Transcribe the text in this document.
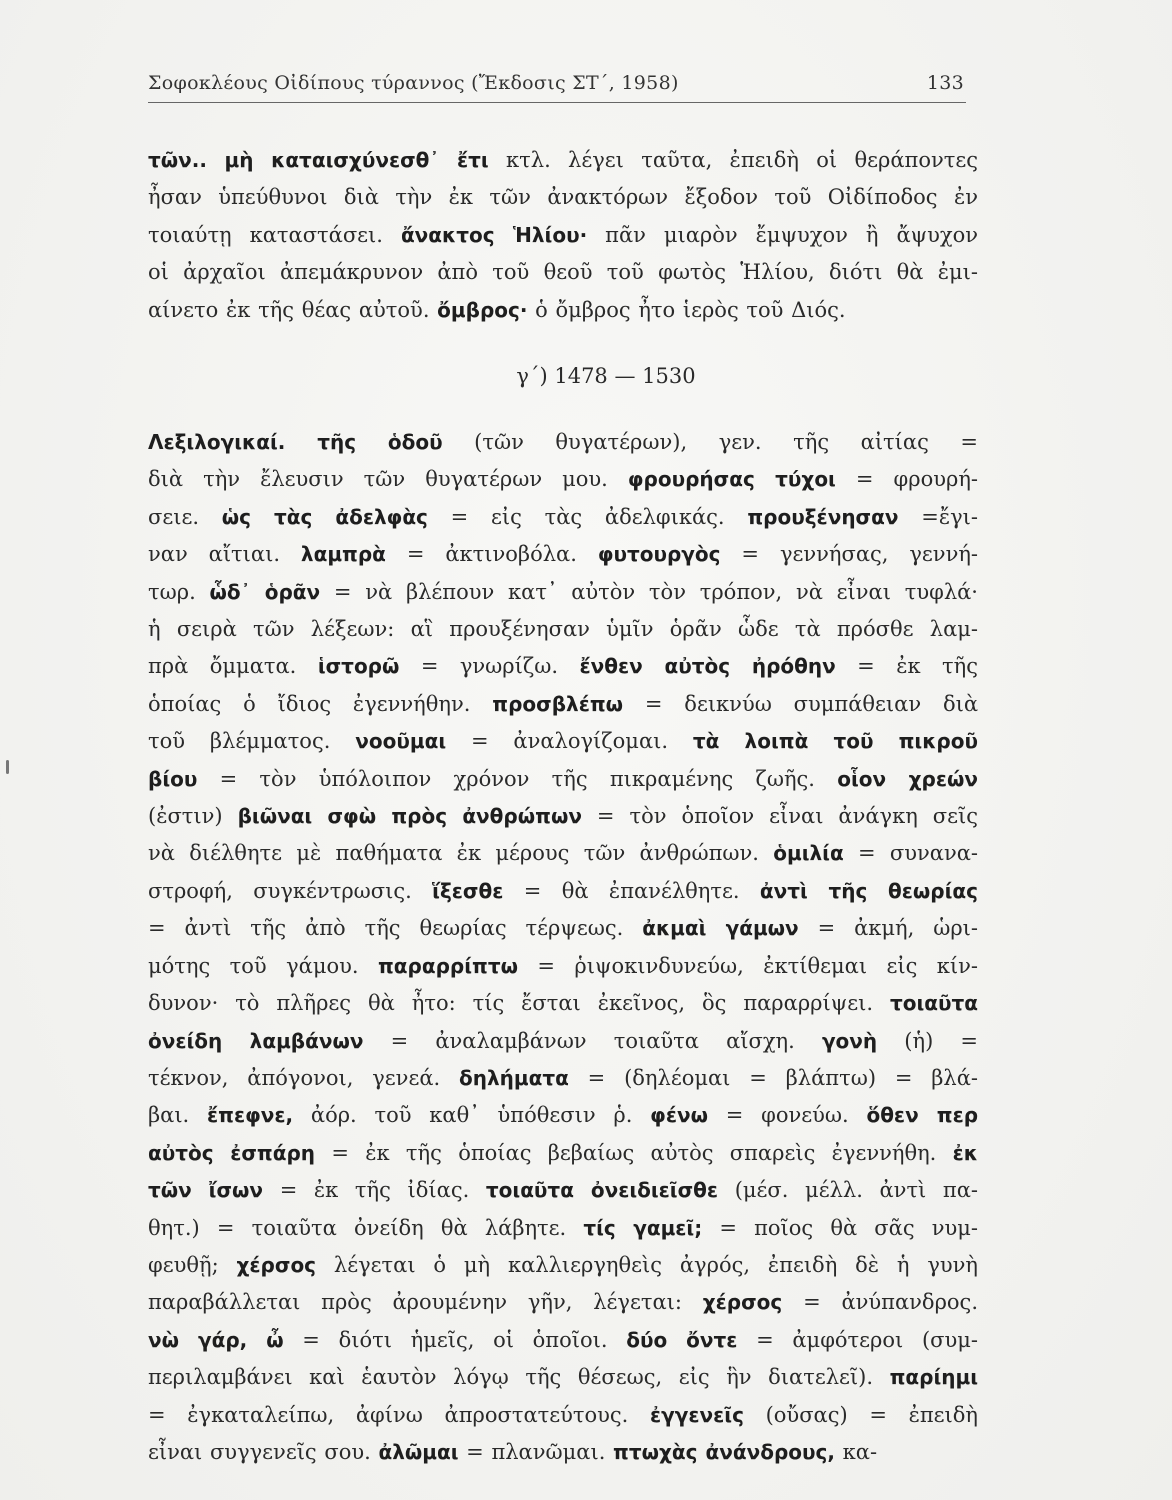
Σοφοκλέους Οἰδίπους τύραννος (Ἔκδοσις ΣΤ΄, 1958)	133
τῶν.. μὴ καταισχύνεσθ᾽ ἔτι κτλ. λέγει ταῦτα, ἐπειδὴ οἱ θεράποντες
ἦσαν ὑπεύθυνοι διὰ τὴν ἐκ τῶν ἀνακτόρων ἔξοδον τοῦ Οἰδίποδος ἐν
τοιαύτῃ καταστάσει. ἄνακτος Ἡλίου· πᾶν μιαρὸν ἔμψυχον ἢ ἄψυχον
οἱ ἀρχαῖοι ἀπεμάκρυνον ἀπὸ τοῦ θεοῦ τοῦ φωτὸς Ἡλίου, διότι θὰ ἐμι-
αίνετο ἐκ τῆς θέας αὐτοῦ. ὄμβρος· ὁ ὄμβρος ἦτο ἱερὸς τοῦ Διός.
γ΄) 1478 — 1530
Λεξιλογικαί. τῆς ὁδοῦ (τῶν θυγατέρων), γεν. τῆς αἰτίας =
διὰ τὴν ἔλευσιν τῶν θυγατέρων μου. φρουρήσας τύχοι = φρουρή-
σειε. ὡς τὰς ἀδελφὰς = εἰς τὰς ἀδελφικάς. προυξένησαν =ἔγι-
ναν αἴτιαι. λαμπρὰ = ἀκτινοβόλα. φυτουργὸς = γεννήσας, γεννή-
τωρ. ὧδ᾽ ὁρᾶν = νὰ βλέπουν κατ᾽ αὐτὸν τὸν τρόπον, νὰ εἶναι τυφλά·
ἡ σειρὰ τῶν λέξεων: αἳ προυξένησαν ὑμῖν ὁρᾶν ὧδε τὰ πρόσθε λαμ-
πρὰ ὄμματα. ἱστορῶ = γνωρίζω. ἔνθεν αὐτὸς ἠρόθην = ἐκ τῆς
ὁποίας ὁ ἴδιος ἐγεννήθην. προσβλέπω = δεικνύω συμπάθειαν διὰ
τοῦ βλέμματος. νοοῦμαι = ἀναλογίζομαι. τὰ λοιπὰ τοῦ πικροῦ
βίου = τὸν ὑπόλοιπον χρόνον τῆς πικραμένης ζωῆς. οἷον χρεών
(ἐστιν) βιῶναι σφὼ πρὸς ἀνθρώπων = τὸν ὁποῖον εἶναι ἀνάγκη σεῖς
νὰ διέλθητε μὲ παθήματα ἐκ μέρους τῶν ἀνθρώπων. ὁμιλία = συνανα-
στροφή, συγκέντρωσις. ἵξεσθε = θὰ ἐπανέλθητε. ἀντὶ τῆς θεωρίας
= ἀντὶ τῆς ἀπὸ τῆς θεωρίας τέρψεως. ἀκμαὶ γάμων = ἀκμή, ὡρι-
μότης τοῦ γάμου. παραρρίπτω = ῥιψοκινδυνεύω, ἐκτίθεμαι εἰς κίν-
δυνον· τὸ πλῆρες θὰ ἦτο: τίς ἔσται ἐκεῖνος, ὃς παραρρίψει. τοιαῦτα
ὀνείδη λαμβάνων = ἀναλαμβάνων τοιαῦτα αἴσχη. γονὴ (ἡ) =
τέκνον, ἀπόγονοι, γενεά. δηλήματα = (δηλέομαι = βλάπτω) = βλά-
βαι. ἔπεφνε, ἀόρ. τοῦ καθ᾽ ὑπόθεσιν ῥ. φένω = φονεύω. ὅθεν περ
αὐτὸς ἐσπάρη = ἐκ τῆς ὁποίας βεβαίως αὐτὸς σπαρεὶς ἐγεννήθη. ἐκ
τῶν ἴσων = ἐκ τῆς ἰδίας. τοιαῦτα ὀνειδιεῖσθε (μέσ. μέλλ. ἀντὶ πα-
θητ.) = τοιαῦτα ὀνείδη θὰ λάβητε. τίς γαμεῖ; = ποῖος θὰ σᾶς νυμ-
φευθῇ; χέρσος λέγεται ὁ μὴ καλλιεργηθεὶς ἀγρός, ἐπειδὴ δὲ ἡ γυνὴ
παραβάλλεται πρὸς ἀρουμένην γῆν, λέγεται: χέρσος = ἀνύπανδρος.
νὼ γάρ, ὦ = διότι ἡμεῖς, οἱ ὁποῖοι. δύο ὄντε = ἀμφότεροι (συμ-
περιλαμβάνει καὶ ἑαυτὸν λόγῳ τῆς θέσεως, εἰς ἣν διατελεῖ). παρίημι
= ἐγκαταλείπω, ἀφίνω ἀπροστατεύτους. ἐγγενεῖς (οὔσας) = ἐπειδὴ
εἶναι συγγενεῖς σου. ἀλῶμαι = πλανῶμαι. πτωχὰς ἀνάνδρους, κα-
